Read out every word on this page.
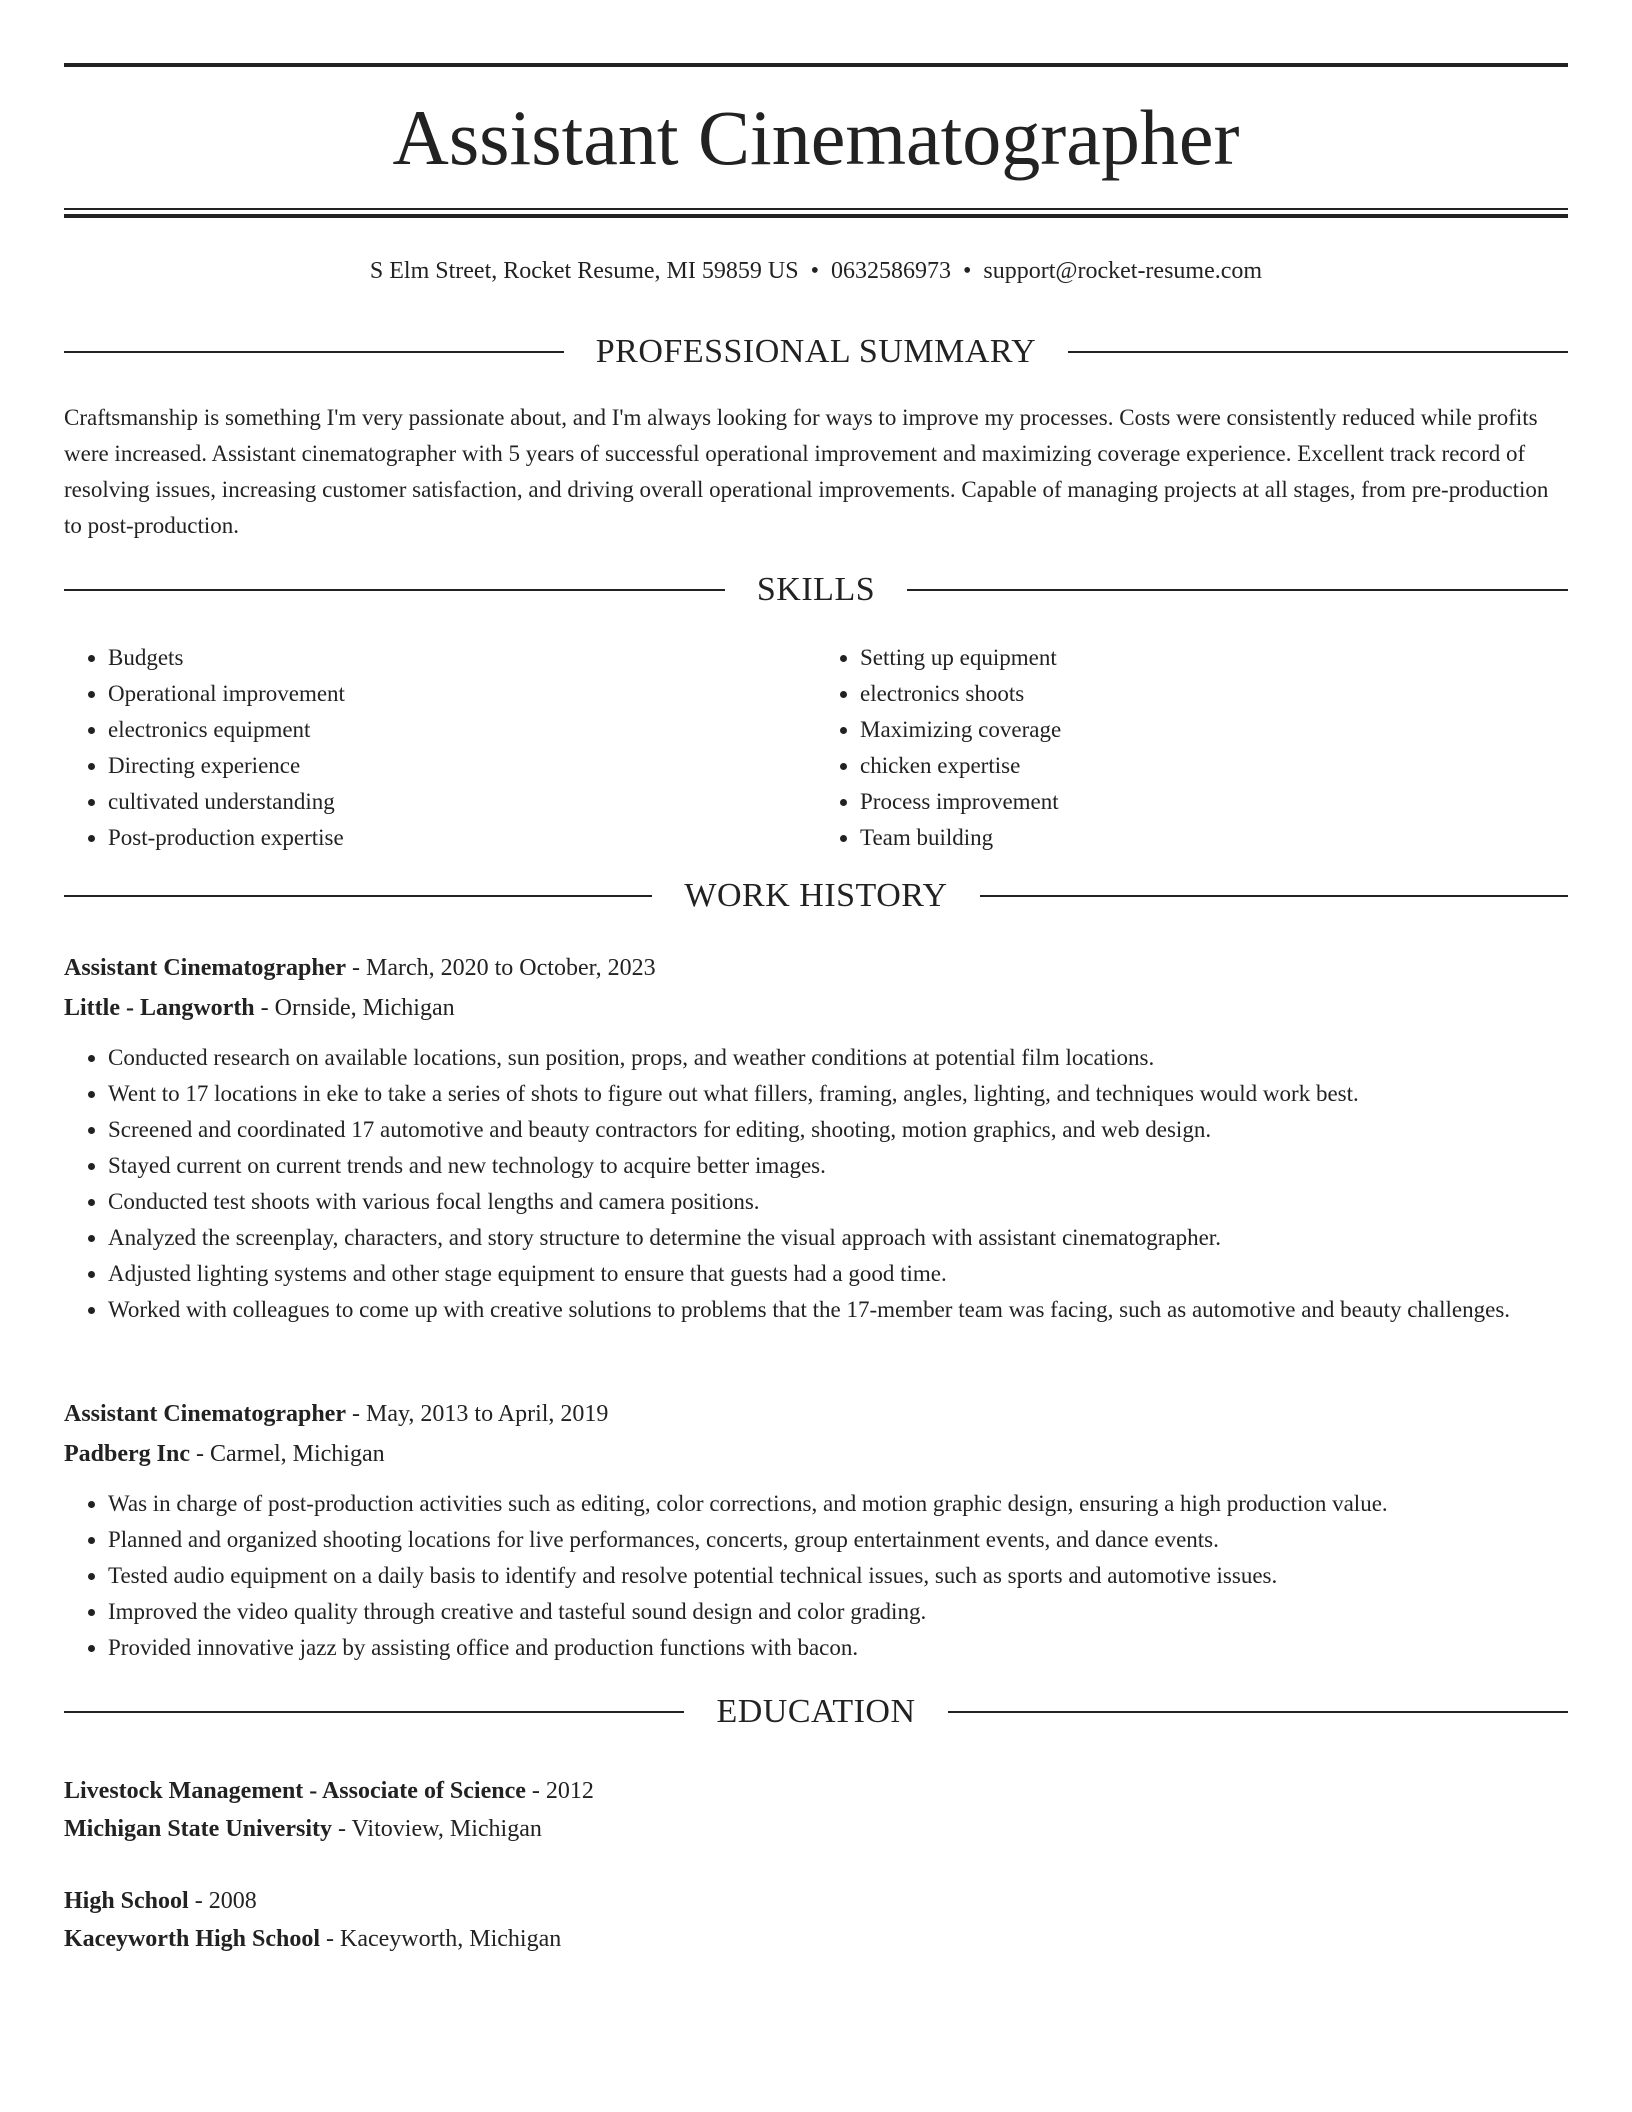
Assistant Cinematographer
S Elm Street, Rocket Resume, MI 59859 US • 0632586973 • support@rocket-resume.com
PROFESSIONAL SUMMARY

Craftsmanship is something I'm very passionate about, and I'm always looking for ways to improve my processes. Costs were consistently reduced while profits were increased. Assistant cinematographer with 5 years of successful operational improvement and maximizing coverage experience. Excellent track record of resolving issues, increasing customer satisfaction, and driving overall operational improvements. Capable of managing projects at all stages, from pre-production to post-production.

SKILLS
• Budgets
• Operational improvement
• electronics equipment
• Directing experience
• cultivated understanding
• Post-production expertise
• Setting up equipment
• electronics shoots
• Maximizing coverage
• chicken expertise
• Process improvement
• Team building
WORK HISTORY
Assistant Cinematographer - March, 2020 to October, 2023
Little - Langworth - Ornside, Michigan
• Conducted research on available locations, sun position, props, and weather conditions at potential film locations.
• Went to 17 locations in eke to take a series of shots to figure out what fillers, framing, angles, lighting, and techniques would work best.
• Screened and coordinated 17 automotive and beauty contractors for editing, shooting, motion graphics, and web design.
• Stayed current on current trends and new technology to acquire better images.
• Conducted test shoots with various focal lengths and camera positions.
• Analyzed the screenplay, characters, and story structure to determine the visual approach with assistant cinematographer.
• Adjusted lighting systems and other stage equipment to ensure that guests had a good time.
• Worked with colleagues to come up with creative solutions to problems that the 17-member team was facing, such as automotive and beauty challenges.
Assistant Cinematographer - May, 2013 to April, 2019
Padberg Inc - Carmel, Michigan
• Was in charge of post-production activities such as editing, color corrections, and motion graphic design, ensuring a high production value.
• Planned and organized shooting locations for live performances, concerts, group entertainment events, and dance events.
• Tested audio equipment on a daily basis to identify and resolve potential technical issues, such as sports and automotive issues.
• Improved the video quality through creative and tasteful sound design and color grading.
• Provided innovative jazz by assisting office and production functions with bacon.
EDUCATION
Livestock Management - Associate of Science - 2012
Michigan State University - Vitoview, Michigan
High School - 2008
Kaceyworth High School - Kaceyworth, Michigan
